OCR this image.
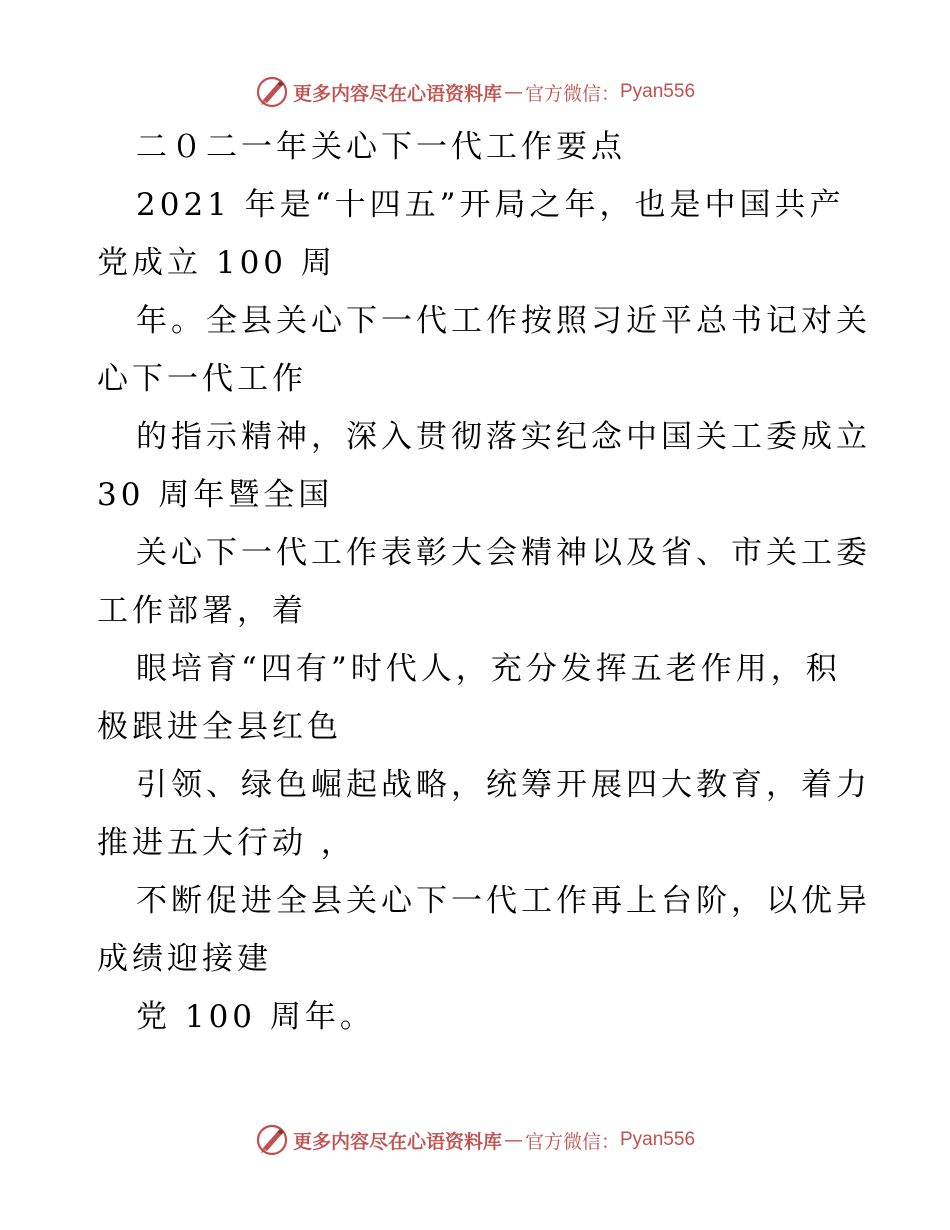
更多内容尽在心语资料库 — 官方微信： Pyan556
二０二一年关心下一代工作要点
2021 年是“十四五”开局之年，也是中国共产
党成立 100 周
年。全县关心下一代工作按照习近平总书记对关
心下一代工作
的指示精神，深入贯彻落实纪念中国关工委成立
30 周年暨全国
关心下一代工作表彰大会精神以及省、市关工委
工作部署，着
眼培育“四有”时代人，充分发挥五老作用，积
极跟进全县红色
引领、绿色崛起战略，统筹开展四大教育，着力
推进五大行动 ，
不断促进全县关心下一代工作再上台阶，以优异
成绩迎接建
党 100 周年。
更多内容尽在心语资料库 — 官方微信： Pyan556
